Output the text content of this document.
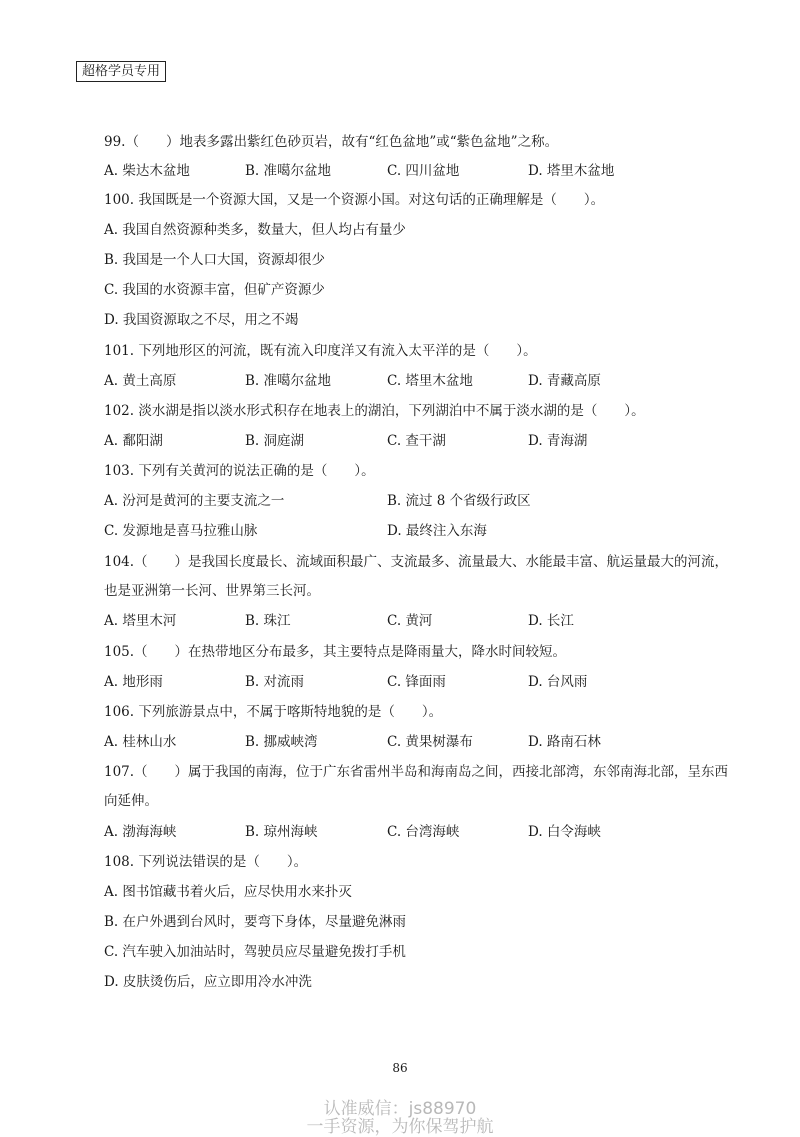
超格学员专用
99.（　　）地表多露出紫红色砂页岩，故有“红色盆地”或“紫色盆地”之称。
A. 柴达木盆地	B. 准噶尔盆地	C. 四川盆地	D. 塔里木盆地
100. 我国既是一个资源大国，又是一个资源小国。对这句话的正确理解是（　　）。
A. 我国自然资源种类多，数量大，但人均占有量少
B. 我国是一个人口大国，资源却很少
C. 我国的水资源丰富，但矿产资源少
D. 我国资源取之不尽，用之不竭
101. 下列地形区的河流，既有流入印度洋又有流入太平洋的是（　　）。
A. 黄土高原	B. 准噶尔盆地	C. 塔里木盆地	D. 青藏高原
102. 淡水湖是指以淡水形式积存在地表上的湖泊，下列湖泊中不属于淡水湖的是（　　）。
A. 鄱阳湖	B. 洞庭湖	C. 查干湖	D. 青海湖
103. 下列有关黄河的说法正确的是（　　）。
A. 汾河是黄河的主要支流之一	B. 流过 8 个省级行政区
C. 发源地是喜马拉雅山脉	D. 最终注入东海
104.（　　）是我国长度最长、流域面积最广、支流最多、流量最大、水能最丰富、航运量最大的河流，
也是亚洲第一长河、世界第三长河。
A. 塔里木河	B. 珠江	C. 黄河	D. 长江
105.（　　）在热带地区分布最多，其主要特点是降雨量大，降水时间较短。
A. 地形雨	B. 对流雨	C. 锋面雨	D. 台风雨
106. 下列旅游景点中，不属于喀斯特地貌的是（　　）。
A. 桂林山水	B. 挪威峡湾	C. 黄果树瀑布	D. 路南石林
107.（　　）属于我国的南海，位于广东省雷州半岛和海南岛之间，西接北部湾，东邻南海北部，呈东西
向延伸。
A. 渤海海峡	B. 琼州海峡	C. 台湾海峡	D. 白令海峡
108. 下列说法错误的是（　　）。
A. 图书馆藏书着火后，应尽快用水来扑灭
B. 在户外遇到台风时，要弯下身体，尽量避免淋雨
C. 汽车驶入加油站时，驾驶员应尽量避免拨打手机
D. 皮肤烫伤后，应立即用冷水冲洗
86
认准威信：js88970
一手资源，为你保驾护航
